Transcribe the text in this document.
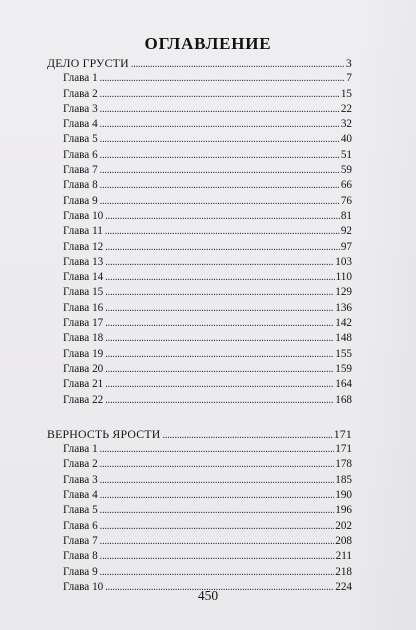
ОГЛАВЛЕНИЕ
ДЕЛО ГРУСТИ . . .	3
Глава 1 . . .	7
Глава 2 . . .	15
Глава 3 . . .	22
Глава 4 . . .	32
Глава 5 . . .	40
Глава 6 . . .	51
Глава 7 . . .	59
Глава 8 . . .	66
Глава 9 . . .	76
Глава 10 . . .	81
Глава 11 . . .	92
Глава 12 . . .	97
Глава 13 . . .	103
Глава 14 . . .	110
Глава 15 . . .	129
Глава 16 . . .	136
Глава 17 . . .	142
Глава 18 . . .	148
Глава 19 . . .	155
Глава 20 . . .	159
Глава 21 . . .	164
Глава 22 . . .	168
ВЕРНОСТЬ ЯРОСТИ . . .	171
Глава 1 . . .	171
Глава 2 . . .	178
Глава 3 . . .	185
Глава 4 . . .	190
Глава 5 . . .	196
Глава 6 . . .	202
Глава 7 . . .	208
Глава 8 . . .	211
Глава 9 . . .	218
Глава 10 . . .	224
450
